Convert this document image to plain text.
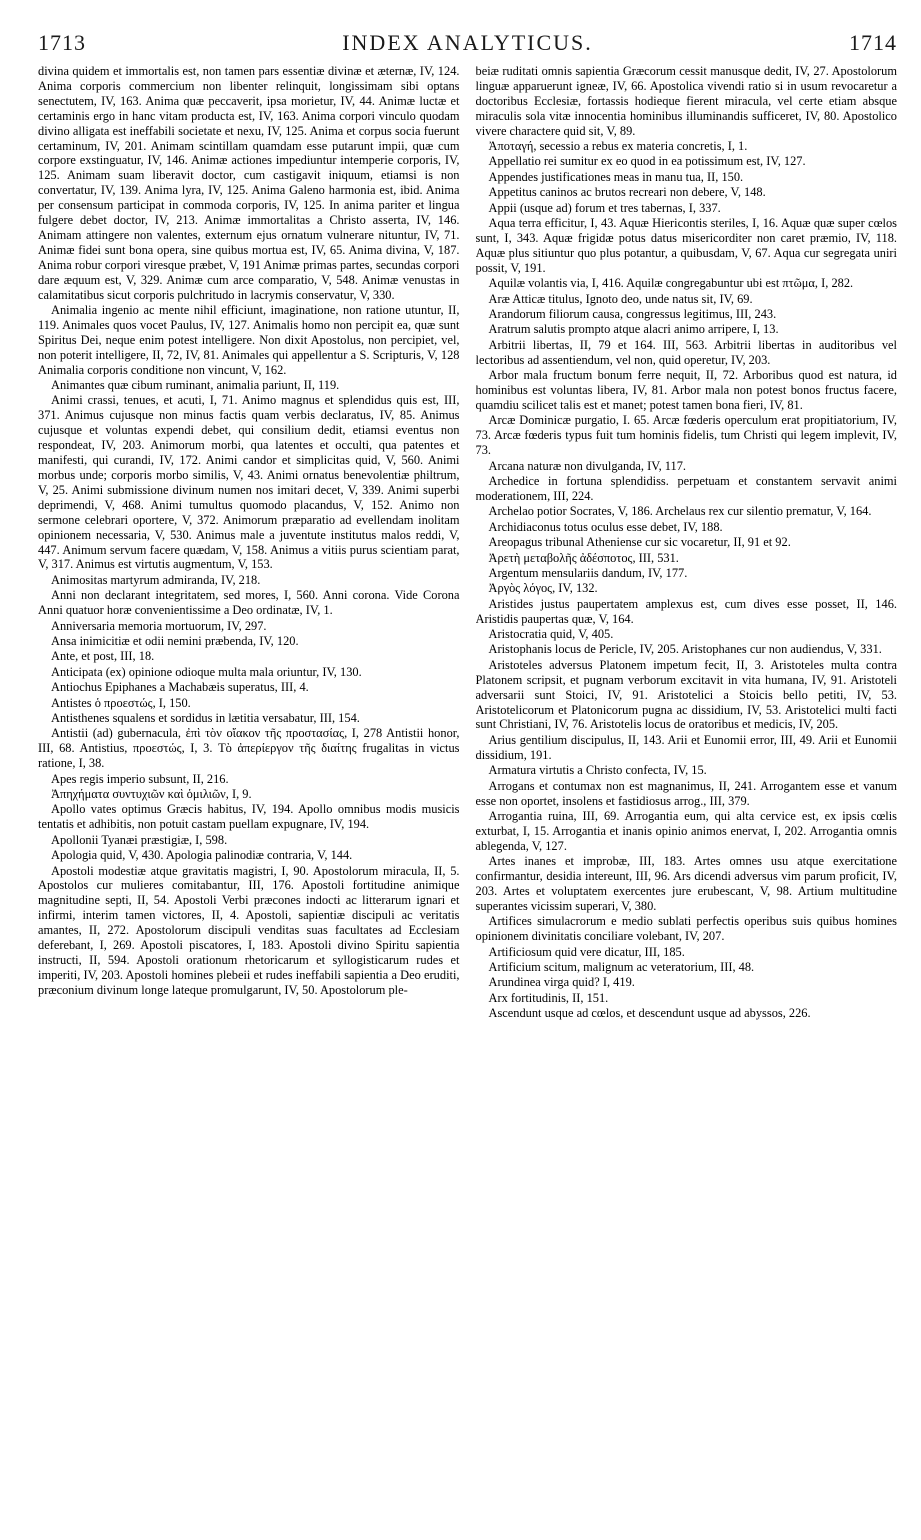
1713	INDEX ANALYTICUS.	1714

divina quidem et immortalis est, non tamen pars essentiæ divinæ et æternæ, IV, 124. Anima corporis commercium non libenter relinquit, longissimam sibi optans senectutem, IV, 163. Anima quæ peccaverit, ipsa morietur, IV, 44. Animæ luctæ et certaminis ergo in hanc vitam producta est, IV, 163. Anima corpori vinculo quodam divino alligata est ineffabili societate et nexu, IV, 125. Anima et corpus socia fuerunt certaminum, IV, 201. Animam scintillam quamdam esse putarunt impii, quæ cum corpore exstinguatur, IV, 146. Animæ actiones impediuntur intemperie corporis, IV, 125. Animam suam liberavit doctor, cum castigavit iniquum, etiamsi is non convertatur, IV, 139. Anima lyra, IV, 125. Anima Galeno harmonia est, ibid. Anima per consensum participat in commoda corporis, IV, 125. In anima pariter et lingua fulgere debet doctor, IV, 213. Animæ immortalitas a Christo asserta, IV, 146. Animam attingere non valentes, externum ejus ornatum vulnerare nituntur, IV, 71. Animæ fidei sunt bona opera, sine quibus mortua est, IV, 65. Anima divina, V, 187. Anima robur corpori viresque præbet, V, 191 Animæ primas partes, secundas corpori dare æquum est, V, 329. Animæ cum arce comparatio, V, 548. Animæ venustas in calamitatibus sicut corporis pulchritudo in lacrymis conservatur, V, 330.

Animalia ingenio ac mente nihil efficiunt, imaginatione, non ratione utuntur, II, 119. Animales quos vocet Paulus, IV, 127. Animalis homo non percipit ea, quæ sunt Spiritus Dei, neque enim potest intelligere. Non dixit Apostolus, non percipiet, vel, non poterit intelligere, II, 72, IV, 81. Animales qui appellentur a S. Scripturis, V, 128 Animalia corporis conditione non vincunt, V, 162.

Animantes quæ cibum ruminant, animalia pariunt, II, 119.

Animi crassi, tenues, et acuti, I, 71. Animo magnus et splendidus quis est, III, 371. Animus cujusque non minus factis quam verbis declaratus, IV, 85. Animus cujusque et voluntas expendi debet, qui consilium dedit, etiamsi eventus non respondeat, IV, 203. Animorum morbi, qua latentes et occulti, qua patentes et manifesti, qui curandi, IV, 172. Animi candor et simplicitas quid, V, 560. Animi morbus unde; corporis morbo similis, V, 43. Animi ornatus benevolentiæ philtrum, V, 25. Animi submissione divinum numen nos imitari decet, V, 339. Animi superbi deprimendi, V, 468. Animi tumultus quomodo placandus, V, 152. Animo non sermone celebrari oportere, V, 372. Animorum præparatio ad evellendam inolitam opinionem necessaria, V, 530. Animus male a juventute institutus malos reddi, V, 447. Animum servum facere quædam, V, 158. Animus a vitiis purus scientiam parat, V, 317. Animus est virtutis augmentum, V, 153.

Animositas martyrum admiranda, IV, 218.

Anni non declarant integritatem, sed mores, I, 560. Anni corona. Vide Corona Anni quatuor horæ convenientissime a Deo ordinatæ, IV, 1.

Anniversaria memoria mortuorum, IV, 297.

Ansa inimicitiæ et odii nemini præbenda, IV, 120.

Ante, et post, III, 18.

Anticipata (ex) opinione odioque multa mala oriuntur, IV, 130.

Antiochus Epiphanes a Machabæis superatus, III, 4.

Antistes ὁ προεστώς, I, 150.

Antisthenes squalens et sordidus in lætitia versabatur, III, 154.

Antistii (ad) gubernacula, ἐπὶ τὸν οἴακον τῆς προστασίας, I, 278 Antistii honor, III, 68. Antistius, προεστώς, I, 3. Τὸ ἀπερίεργον τῆς διαίτης frugalitas in victus ratione, I, 38.

Apes regis imperio subsunt, II, 216.

Ἀπηχήματα συντυχιῶν καὶ ὁμιλιῶν, I, 9.

Apollo vates optimus Græcis habitus, IV, 194. Apollo omnibus modis musicis tentatis et adhibitis, non potuit castam puellam expugnare, IV, 194.

Apollonii Tyanæi præstigiæ, I, 598.

Apologia quid, V, 430. Apologia palinodiæ contraria, V, 144.

Apostoli modestiæ atque gravitatis magistri, I, 90. Apostolorum miracula, II, 5. Apostolos cur mulieres comitabantur, III, 176. Apostoli fortitudine animique magnitudine septi, II, 54. Apostoli Verbi præcones indocti ac litterarum ignari et infirmi, interim tamen victores, II, 4. Apostoli, sapientiæ discipuli ac veritatis amantes, II, 272. Apostolorum discipuli venditas suas facultates ad Ecclesiam deferebant, I, 269. Apostoli piscatores, I, 183. Apostoli divino Spiritu sapientia instructi, II, 594. Apostoli orationum rhetoricarum et syllogisticarum rudes et imperiti, IV, 203. Apostoli homines plebeii et rudes ineffabili sapientia a Deo eruditi, præconium divinum longe lateque promulgarunt, IV, 50. Apostolorum ple-

beiæ ruditati omnis sapientia Græcorum cessit manusque dedit, IV, 27. Apostolorum linguæ apparuerunt igneæ, IV, 66. Apostolica vivendi ratio si in usum revocaretur a doctoribus Ecclesiæ, fortassis hodieque fierent miracula, vel certe etiam absque miraculis sola vitæ innocentia hominibus illuminandis sufficeret, IV, 80. Apostolico vivere charactere quid sit, V, 89.

Ἀποταγή, secessio a rebus ex materia concretis, I, 1.

Appellatio rei sumitur ex eo quod in ea potissimum est, IV, 127.

Appendes justificationes meas in manu tua, II, 150.

Appetitus caninos ac brutos recreari non debere, V, 148.

Appii (usque ad) forum et tres tabernas, I, 337.

Aqua terra efficitur, I, 43. Aquæ Hiericontis steriles, I, 16. Aquæ quæ super cœlos sunt, I, 343. Aquæ frigidæ potus datus misericorditer non caret præmio, IV, 118. Aquæ plus sitiuntur quo plus potantur, a quibusdam, V, 67. Aqua cur segregata uniri possit, V, 191.

Aquilæ volantis via, I, 416. Aquilæ congregabuntur ubi est πτῶμα, I, 282.

Aræ Atticæ titulus, Ignoto deo, unde natus sit, IV, 69.

Arandorum filiorum causa, congressus legitimus, III, 243.

Aratrum salutis prompto atque alacri animo arripere, I, 13.

Arbitrii libertas, II, 79 et 164. III, 563. Arbitrii libertas in auditoribus vel lectoribus ad assentiendum, vel non, quid operetur, IV, 203.

Arbor mala fructum bonum ferre nequit, II, 72. Arboribus quod est natura, id hominibus est voluntas libera, IV, 81. Arbor mala non potest bonos fructus facere, quamdiu scilicet talis est et manet; potest tamen bona fieri, IV, 81.

Arcæ Dominicæ purgatio, I. 65. Arcæ fœderis operculum erat propitiatorium, IV, 73. Arcæ fœderis typus fuit tum hominis fidelis, tum Christi qui legem implevit, IV, 73.

Arcana naturæ non divulganda, IV, 117.

Archedice in fortuna splendidiss. perpetuam et constantem servavit animi moderationem, III, 224.

Archelao potior Socrates, V, 186. Archelaus rex cur silentio prematur, V, 164.

Archidiaconus totus oculus esse debet, IV, 188.

Areopagus tribunal Atheniense cur sic vocaretur, II, 91 et 92.

Ἀρετὴ μεταβολῆς ἀδέσποτος, III, 531.

Argentum mensulariis dandum, IV, 177.

Ἀργὸς λόγος, IV, 132.

Aristides justus paupertatem amplexus est, cum dives esse posset, II, 146. Aristidis paupertas quæ, V, 164.

Aristocratia quid, V, 405.

Aristophanis locus de Pericle, IV, 205. Aristophanes cur non audiendus, V, 331.

Aristoteles adversus Platonem impetum fecit, II, 3. Aristoteles multa contra Platonem scripsit, et pugnam verborum excitavit in vita humana, IV, 91. Aristoteli adversarii sunt Stoici, IV, 91. Aristotelici a Stoicis bello petiti, IV, 53. Aristotelicorum et Platonicorum pugna ac dissidium, IV, 53. Aristotelici multi facti sunt Christiani, IV, 76. Aristotelis locus de oratoribus et medicis, IV, 205.

Arius gentilium discipulus, II, 143. Arii et Eunomii error, III, 49. Arii et Eunomii dissidium, 191.

Armatura virtutis a Christo confecta, IV, 15.

Arrogans et contumax non est magnanimus, II, 241. Arrogantem esse et vanum esse non oportet, insolens et fastidiosus arrog., III, 379.

Arrogantia ruina, III, 69. Arrogantia eum, qui alta cervice est, ex ipsis cœlis exturbat, I, 15. Arrogantia et inanis opinio animos enervat, I, 202. Arrogantia omnis ablegenda, V, 127.

Artes inanes et improbæ, III, 183. Artes omnes usu atque exercitatione confirmantur, desidia intereunt, III, 96. Ars dicendi adversus vim parum proficit, IV, 203. Artes et voluptatem exercentes jure erubescant, V, 98. Artium multitudine superantes vicissim superari, V, 380.

Artifices simulacrorum e medio sublati perfectis operibus suis quibus homines opinionem divinitatis conciliare volebant, IV, 207.

Artificiosum quid vere dicatur, III, 185.

Artificium scitum, malignum ac veteratorium, III, 48.

Arundinea virga quid? I, 419.

Arx fortitudinis, II, 151.

Ascendunt usque ad cœlos, et descendunt usque ad abyssos, 226.
